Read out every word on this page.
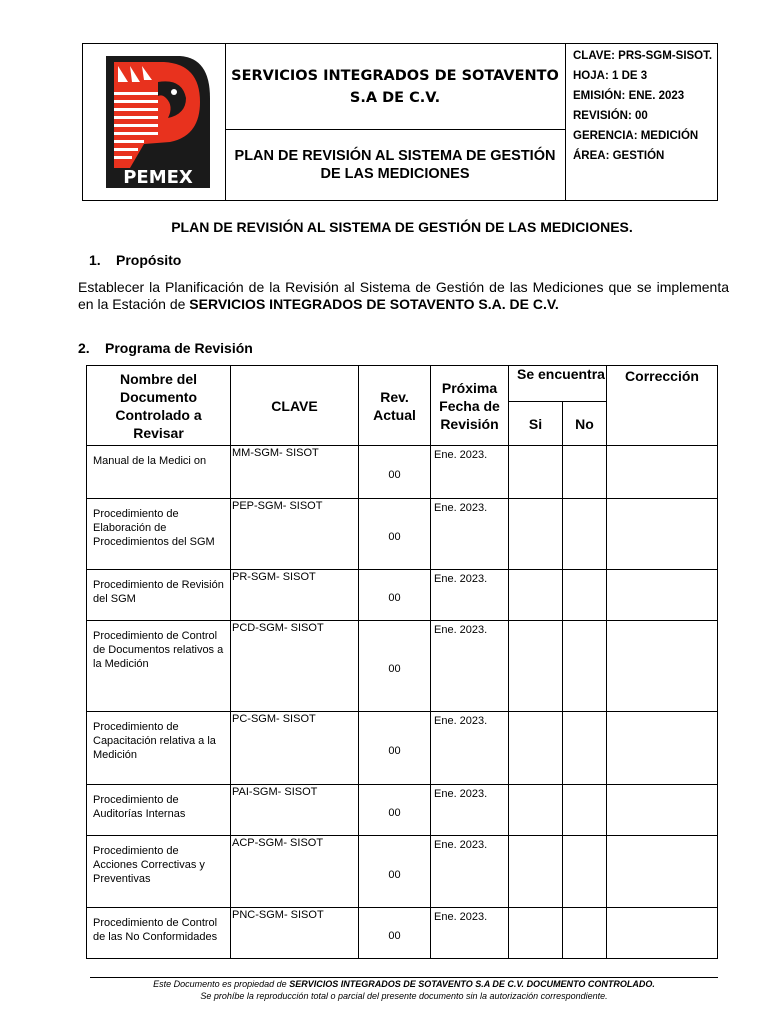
PEMEX
SERVICIOS INTEGRADOS DE SOTAVENTO S.A DE C.V.
PLAN DE REVISIÓN AL SISTEMA DE GESTIÓN DE LAS MEDICIONES
CLAVE: PRS-SGM-SISOT.
HOJA: 1 DE 3
EMISIÓN: ENE. 2023
REVISIÓN: 00
GERENCIA: MEDICIÓN
ÁREA: GESTIÓN
PLAN DE REVISIÓN AL SISTEMA DE GESTIÓN DE LAS MEDICIONES.
1. Propósito
Establecer la Planificación de la Revisión al Sistema de Gestión de las Mediciones que se implementa en la Estación de SERVICIOS INTEGRADOS DE SOTAVENTO S.A. DE C.V.
2. Programa de Revisión
Nombre del Documento Controlado a Revisar	CLAVE	Rev. Actual	Próxima Fecha de Revisión	Se encuentra		Corrección
				Si	No	
Manual de la Medici on	MM-SGM- SISOT	00	Ene. 2023.			
Procedimiento de Elaboración de Procedimientos del SGM	PEP-SGM- SISOT	00	Ene. 2023.			
Procedimiento de Revisión del SGM	PR-SGM- SISOT	00	Ene. 2023.			
Procedimiento de Control de Documentos relativos a la Medición	PCD-SGM- SISOT	00	Ene. 2023.			
Procedimiento de Capacitación relativa a la Medición	PC-SGM- SISOT	00	Ene. 2023.			
Procedimiento de Auditorías Internas	PAI-SGM- SISOT	00	Ene. 2023.			
Procedimiento de Acciones Correctivas y Preventivas	ACP-SGM- SISOT	00	Ene. 2023.			
Procedimiento de Control de las No Conformidades	PNC-SGM- SISOT	00	Ene. 2023.			
Este Documento es propiedad de SERVICIOS INTEGRADOS DE SOTAVENTO S.A DE C.V. DOCUMENTO CONTROLADO.
Se prohíbe la reproducción total o parcial del presente documento sin la autorización correspondiente.
